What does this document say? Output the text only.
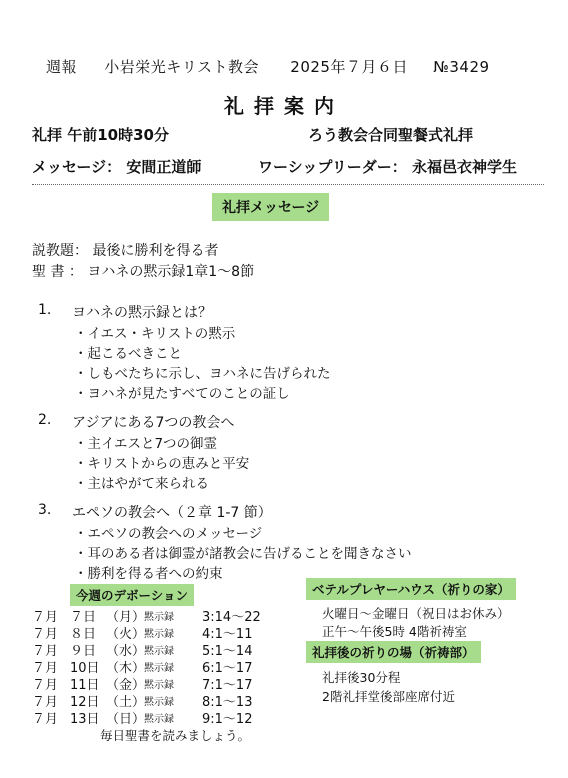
週報 小岩栄光キリスト教会 2025年７月６日 №3429
礼拝案内
礼拝 午前10時30分	ろう教会合同聖餐式礼拝
メッセージ： 安間正道師	ワーシップリーダー： 永福邑衣神学生
礼拝メッセージ
説教題： 最後に勝利を得る者
聖 書 ： ヨハネの黙示録1章1～8節
1. ヨハネの黙示録とは？
・イエス・キリストの黙示
・起こるべきこと
・しもべたちに示し、ヨハネに告げられた
・ヨハネが見たすべてのことの証し
2. アジアにある7つの教会へ
・主イエスと7つの御霊
・キリストからの恵みと平安
・主はやがて来られる
3. エペソの教会へ（２章 1-7 節）
・エペソの教会へのメッセージ
・耳のある者は御霊が諸教会に告げることを聞きなさい
・勝利を得る者への約束
今週のデボーション
７月 ７日 （月）
黙示録 3:14～22
７月 ８日 （火）
黙示録 4:1～11
７月 ９日 （水）
黙示録 5:1～14
７月 10日 （木）
黙示録 6:1～17
７月 11日 （金）
黙示録 7:1～17
７月 12日 （土）
黙示録 8:1～13
７月 13日 （日）
黙示録 9:1～12
毎日聖書を読みましょう。
ベテルプレヤーハウス（祈りの家）
火曜日～金曜日（祝日はお休み）
正午～午後5時 4階祈祷室
礼拝後の祈りの場（祈祷部）
礼拝後30分程
2階礼拝堂後部座席付近
